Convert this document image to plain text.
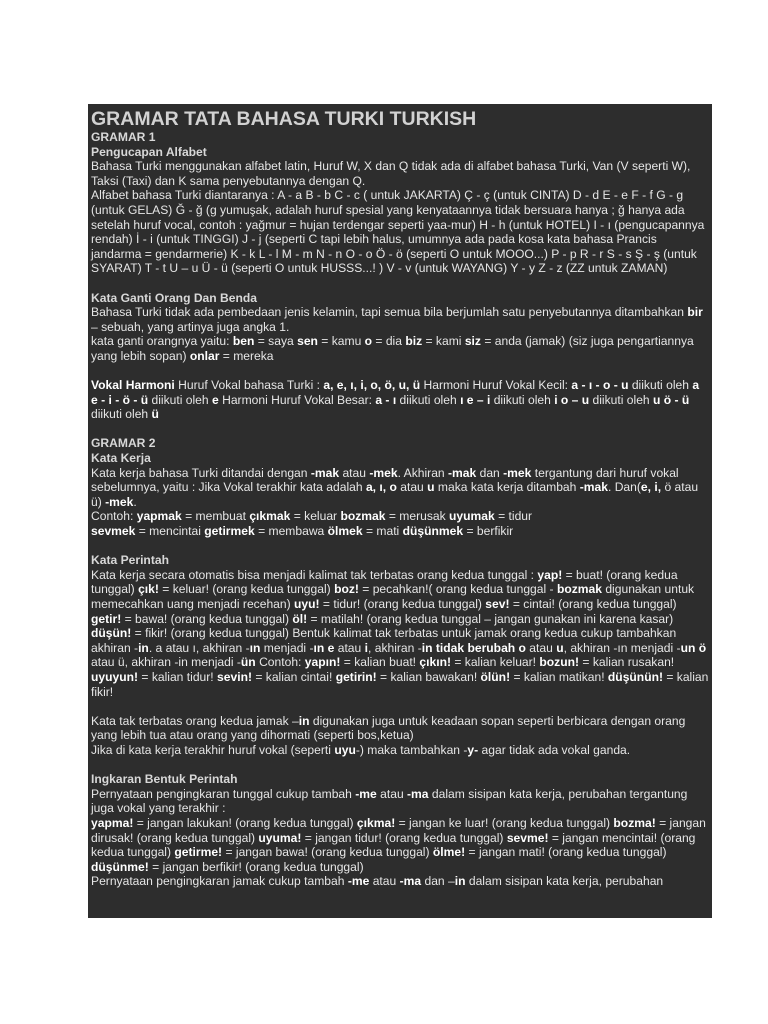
GRAMAR TATA BAHASA TURKI TURKISH

GRAMAR 1

Pengucapan Alfabet

Bahasa Turki menggunakan alfabet latin, Huruf W, X dan Q tidak ada di alfabet bahasa Turki, Van (V seperti W), Taksi (Taxi) dan K sama penyebutannya dengan Q.

Alfabet bahasa Turki diantaranya : A - a B - b C - c ( untuk JAKARTA) Ç - ç (untuk CINTA) D - d E - e F - f G - g (untuk GELAS) Ğ - ğ (g yumuşak, adalah huruf spesial yang kenyataannya tidak bersuara hanya ; ğ hanya ada setelah huruf vocal, contoh : yağmur = hujan terdengar seperti yaa-mur) H - h (untuk HOTEL) I - ı (pengucapannya rendah) İ - i (untuk TINGGI) J - j (seperti C tapi lebih halus, umumnya ada pada kosa kata bahasa Prancis jandarma = gendarmerie) K - k L - l M - m N - n O - o Ö - ö (seperti O untuk MOOO...) P - p R - r S - s Ş - ş (untuk SYARAT) T - t U – u Ü - ü (seperti O untuk HUSSS...! ) V - v (untuk WAYANG) Y - y Z - z (ZZ untuk ZAMAN)

Kata Ganti Orang Dan Benda

Bahasa Turki tidak ada pembedaan jenis kelamin, tapi semua bila berjumlah satu penyebutannya ditambahkan bir – sebuah, yang artinya juga angka 1.

kata ganti orangnya yaitu: ben = saya sen = kamu o = dia biz = kami siz = anda (jamak) (siz juga pengartiannya yang lebih sopan) onlar = mereka

Vokal Harmoni Huruf Vokal bahasa Turki : a, e, ı, i, o, ö, u, ü Harmoni Huruf Vokal Kecil: a - ı - o - u diikuti oleh a e - i - ö - ü diikuti oleh e Harmoni Huruf Vokal Besar: a - ı diikuti oleh ı e – i diikuti oleh i o – u diikuti oleh u ö - ü diikuti oleh ü

GRAMAR 2

Kata Kerja

Kata kerja bahasa Turki ditandai dengan -mak atau -mek. Akhiran -mak dan -mek tergantung dari huruf vokal sebelumnya, yaitu : Jika Vokal terakhir kata adalah a, ı, o atau u maka kata kerja ditambah -mak. Dan(e, i, ö atau ü) -mek.

Contoh: yapmak = membuat çıkmak = keluar bozmak = merusak uyumak = tidur

sevmek = mencintai getirmek = membawa ölmek = mati düşünmek = berfikir

Kata Perintah

Kata kerja secara otomatis bisa menjadi kalimat tak terbatas orang kedua tunggal : yap! = buat! (orang kedua tunggal) çık! = keluar! (orang kedua tunggal) boz! = pecahkan!( orang kedua tunggal - bozmak digunakan untuk memecahkan uang menjadi recehan) uyu! = tidur! (orang kedua tunggal) sev! = cintai! (orang kedua tunggal) getir! = bawa! (orang kedua tunggal) öl! = matilah! (orang kedua tunggal – jangan gunakan ini karena kasar) düşün! = fikir! (orang kedua tunggal) Bentuk kalimat tak terbatas untuk jamak orang kedua cukup tambahkan akhiran -in. a atau ı, akhiran -ın menjadi -ın e atau i, akhiran -in tidak berubah o atau u, akhiran -ın menjadi -un ö atau ü, akhiran -in menjadi -ün Contoh: yapın! = kalian buat! çıkın! = kalian keluar! bozun! = kalian rusakan! uyuyun! = kalian tidur! sevin! = kalian cintai! getirin! = kalian bawakan! ölün! = kalian matikan! düşünün! = kalian fikir!

Kata tak terbatas orang kedua jamak –in digunakan juga untuk keadaan sopan seperti berbicara dengan orang yang lebih tua atau orang yang dihormati (seperti bos,ketua)

Jika di kata kerja terakhir huruf vokal (seperti uyu-) maka tambahkan -y- agar tidak ada vokal ganda.

Ingkaran Bentuk Perintah

Pernyataan pengingkaran tunggal cukup tambah -me atau -ma dalam sisipan kata kerja, perubahan tergantung juga vokal yang terakhir :

yapma! = jangan lakukan! (orang kedua tunggal) çıkma! = jangan ke luar! (orang kedua tunggal) bozma! = jangan dirusak! (orang kedua tunggal) uyuma! = jangan tidur! (orang kedua tunggal) sevme! = jangan mencintai! (orang kedua tunggal) getirme! = jangan bawa! (orang kedua tunggal) ölme! = jangan mati! (orang kedua tunggal) düşünme! = jangan berfikir! (orang kedua tunggal)

Pernyataan pengingkaran jamak cukup tambah -me atau -ma dan –in dalam sisipan kata kerja, perubahan
